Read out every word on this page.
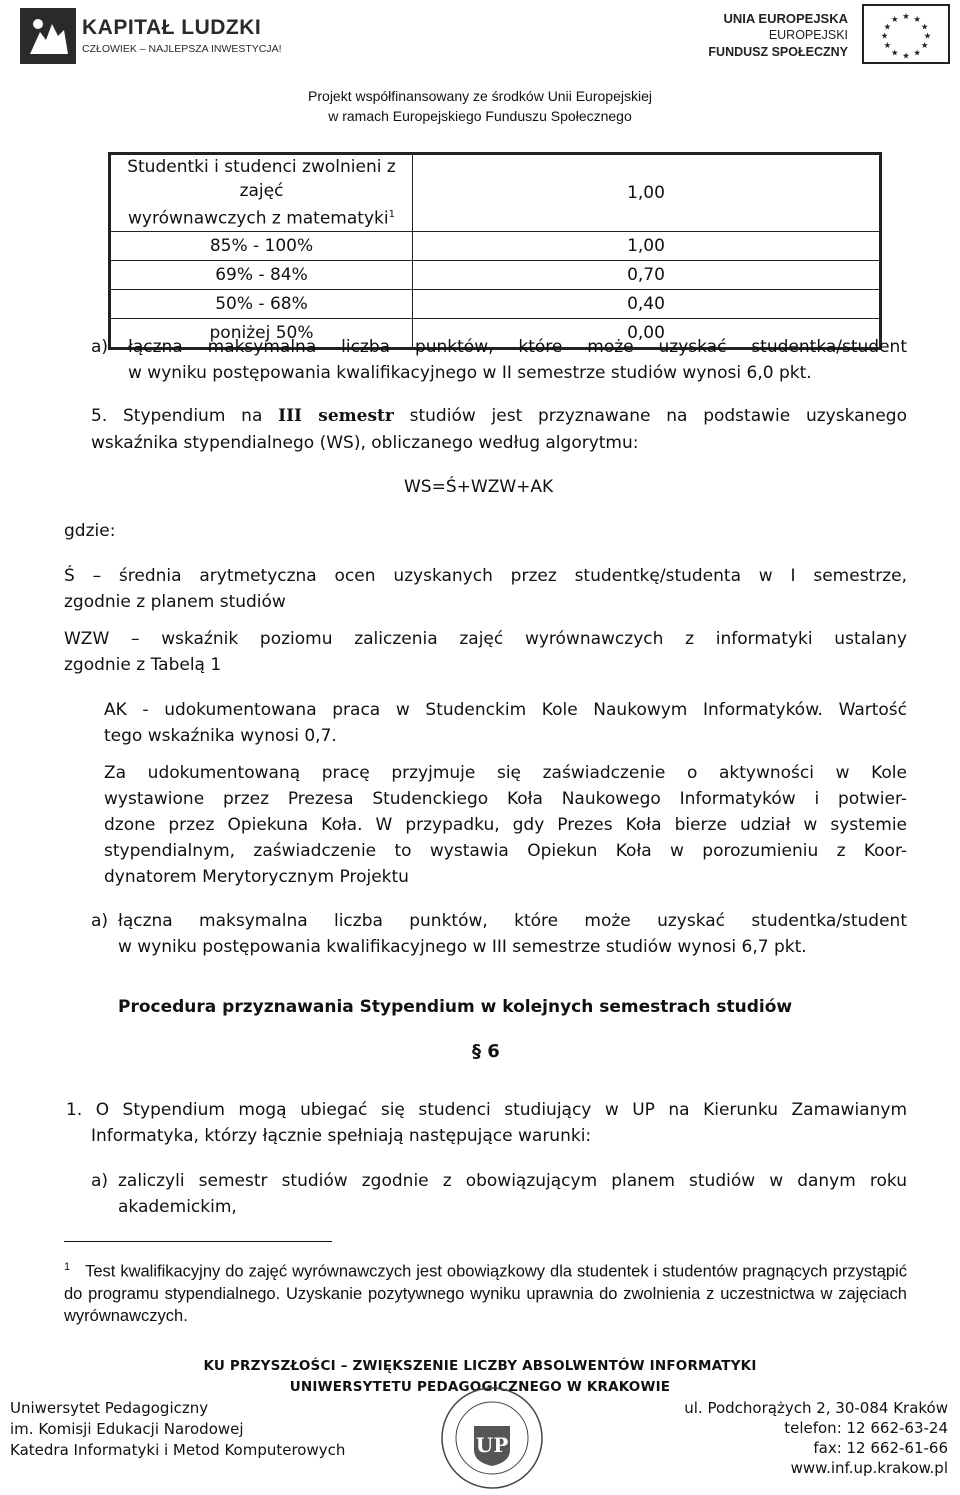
KAPITAŁ LUDZKI
CZŁOWIEK – NAJLEPSZA INWESTYCJA!
UNIA EUROPEJSKA
EUROPEJSKI
FUNDUSZ SPOŁECZNY
★ ★
★
★
★
★
★
★
★
★
★
★
Projekt współfinansowany ze środków Unii Europejskiej
w ramach Europejskiego Funduszu Społecznego
Studentki i studenci zwolnieni z zajęć
wyrównawczych z matematyki$^1$	1,00
85% - 100%	1,00
69% - 84%	0,70
50% - 68%	0,40
poniżej 50%	0,00
a) łączna maksymalna liczba punktów, które może uzyskać studentka/student
w wyniku postępowania kwalifikacyjnego w II semestrze studiów wynosi 6,0 pkt.
5. Stypendium na III semestr studiów jest przyznawane na podstawie uzyskanego
wskaźnika stypendialnego (WS), obliczanego według algorytmu:
WS=Ś+WZW+AK
gdzie:
Ś – średnia arytmetyczna ocen uzyskanych przez studentkę/studenta w I semestrze,
zgodnie z planem studiów
WZW – wskaźnik poziomu zaliczenia zajęć wyrównawczych z informatyki ustalany
zgodnie z Tabelą 1
AK - udokumentowana praca w Studenckim Kole Naukowym Informatyków. Wartość
tego wskaźnika wynosi 0,7.
Za udokumentowaną pracę przyjmuje się zaświadczenie o aktywności w Kole
wystawione przez Prezesa Studenckiego Koła Naukowego Informatyków i potwier-
dzone przez Opiekuna Koła. W przypadku, gdy Prezes Koła bierze udział w systemie
stypendialnym, zaświadczenie to wystawia Opiekun Koła w porozumieniu z Koor-
dynatorem Merytorycznym Projektu
a) łączna maksymalna liczba punktów, które może uzyskać studentka/student
w wyniku postępowania kwalifikacyjnego w III semestrze studiów wynosi 6,7 pkt.
Procedura przyznawania Stypendium w kolejnych semestrach studiów
§ 6
1. O Stypendium mogą ubiegać się studenci studiujący w UP na Kierunku Zamawianym
Informatyka, którzy łącznie spełniają następujące warunki:
a) zaliczyli semestr studiów zgodnie z obowiązującym planem studiów w danym roku
akademickim,
$^1$ Test kwalifikacyjny do zajęć wyrównawczych jest obowiązkowy dla studentek i studentów pragnących przystąpić do programu stypendialnego. Uzyskanie pozytywnego wyniku uprawnia do zwolnienia z uczestnictwa w zajęciach wyrównawczych.
KU PRZYSZŁOŚCI – ZWIĘKSZENIE LICZBY ABSOLWENTÓW INFORMATYKI
UNIWERSYTETU PEDAGOGICZNEGO W KRAKOWIE
Uniwersytet Pedagogiczny
im. Komisji Edukacji Narodowej
Katedra Informatyki i Metod Komputerowych	UP
ul. Podchorążych 2, 30-084 Kraków
telefon: 12 662-63-24
fax: 12 662-61-66
www.inf.up.krakow.pl
